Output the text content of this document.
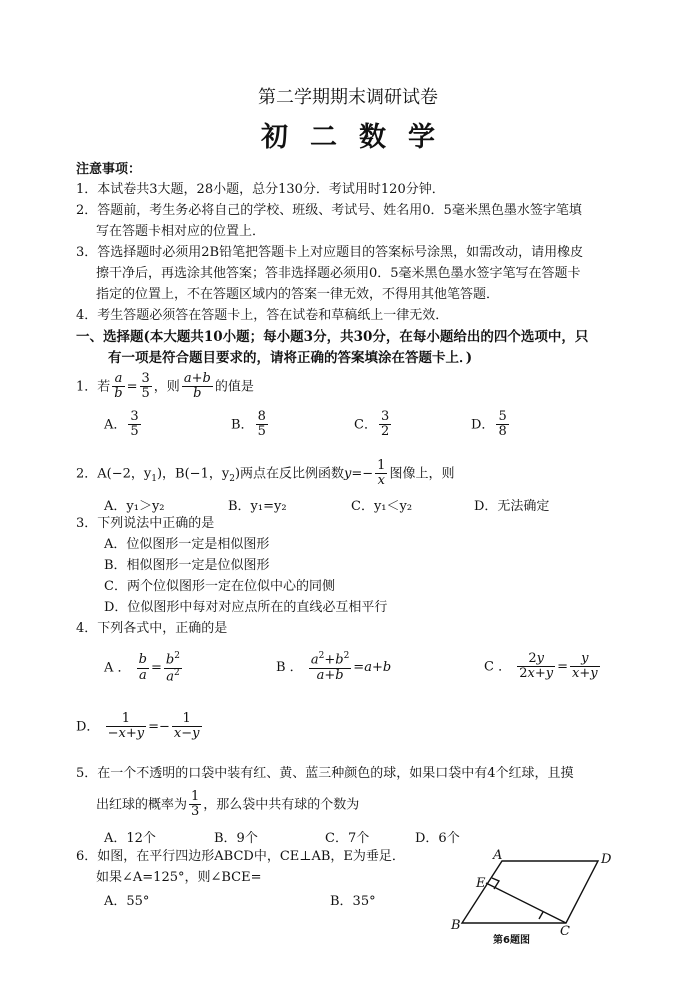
第二学期期末调研试卷
初二数学
注意事项：
1．本试卷共3大题，28小题，总分130分．考试用时120分钟．
2．答题前，考生务必将自己的学校、班级、考试号、姓名用0．5毫米黑色墨水签字笔填
写在答题卡相对应的位置上．
3．答选择题时必须用2B铅笔把答题卡上对应题目的答案标号涂黑，如需改动，请用橡皮
擦干净后，再选涂其他答案；答非选择题必须用0．5毫米黑色墨水签字笔写在答题卡
指定的位置上，不在答题区域内的答案一律无效，不得用其他笔答题．
4．考生答题必须答在答题卡上，答在试卷和草稿纸上一律无效．
一、选择题(本大题共10小题；每小题3分，共30分，在每小题给出的四个选项中，只
有一项是符合题目要求的，请将正确的答案填涂在答题卡上．)
1．若 $\frac{a}{b} = \frac{3}{5}$ ，则 $\frac{a+b}{b}$ 的值是
A． $\frac{3}{5}$	B． $\frac{8}{5}$	C． $\frac{3}{2}$	D． $\frac{5}{8}$
2．A(−2，$y_1$)，B(−1，$y_2$)两点在反比例函数$y=- \frac{1}{x}$ 图像上，则
A．y₁＞y₂	B．y₁=y₂	C．y₁＜y₂	D．无法确定
3．下列说法中正确的是
A．位似图形一定是相似图形
B．相似图形一定是位似图形
C．两个位似图形一定在位似中心的同侧
D．位似图形中每对对应点所在的直线必互相平行
4．下列各式中，正确的是
A ． $\frac{b}{a} = \frac{b^2}{a^2}$	B ． $\frac{a^2+b^2}{a+b} =a+b$	C ． $\frac{2y}{2x+y} = \frac{y}{x+y}$
D． $\frac{1}{-x+y} =- \frac{1}{x-y}$
5．在一个不透明的口袋中装有红、黄、蓝三种颜色的球，如果口袋中有4个红球，且摸
出红球的概率为 $\frac{1}{3}$ ，那么袋中共有球的个数为
A．12个	B．9个	C．7个	D．6个
6．如图，在平行四边形ABCD中，CE⊥AB，E为垂足．
如果∠A=125°，则∠BCE=
A．55°	B．35°
A	D
E
B	C
第6题图
